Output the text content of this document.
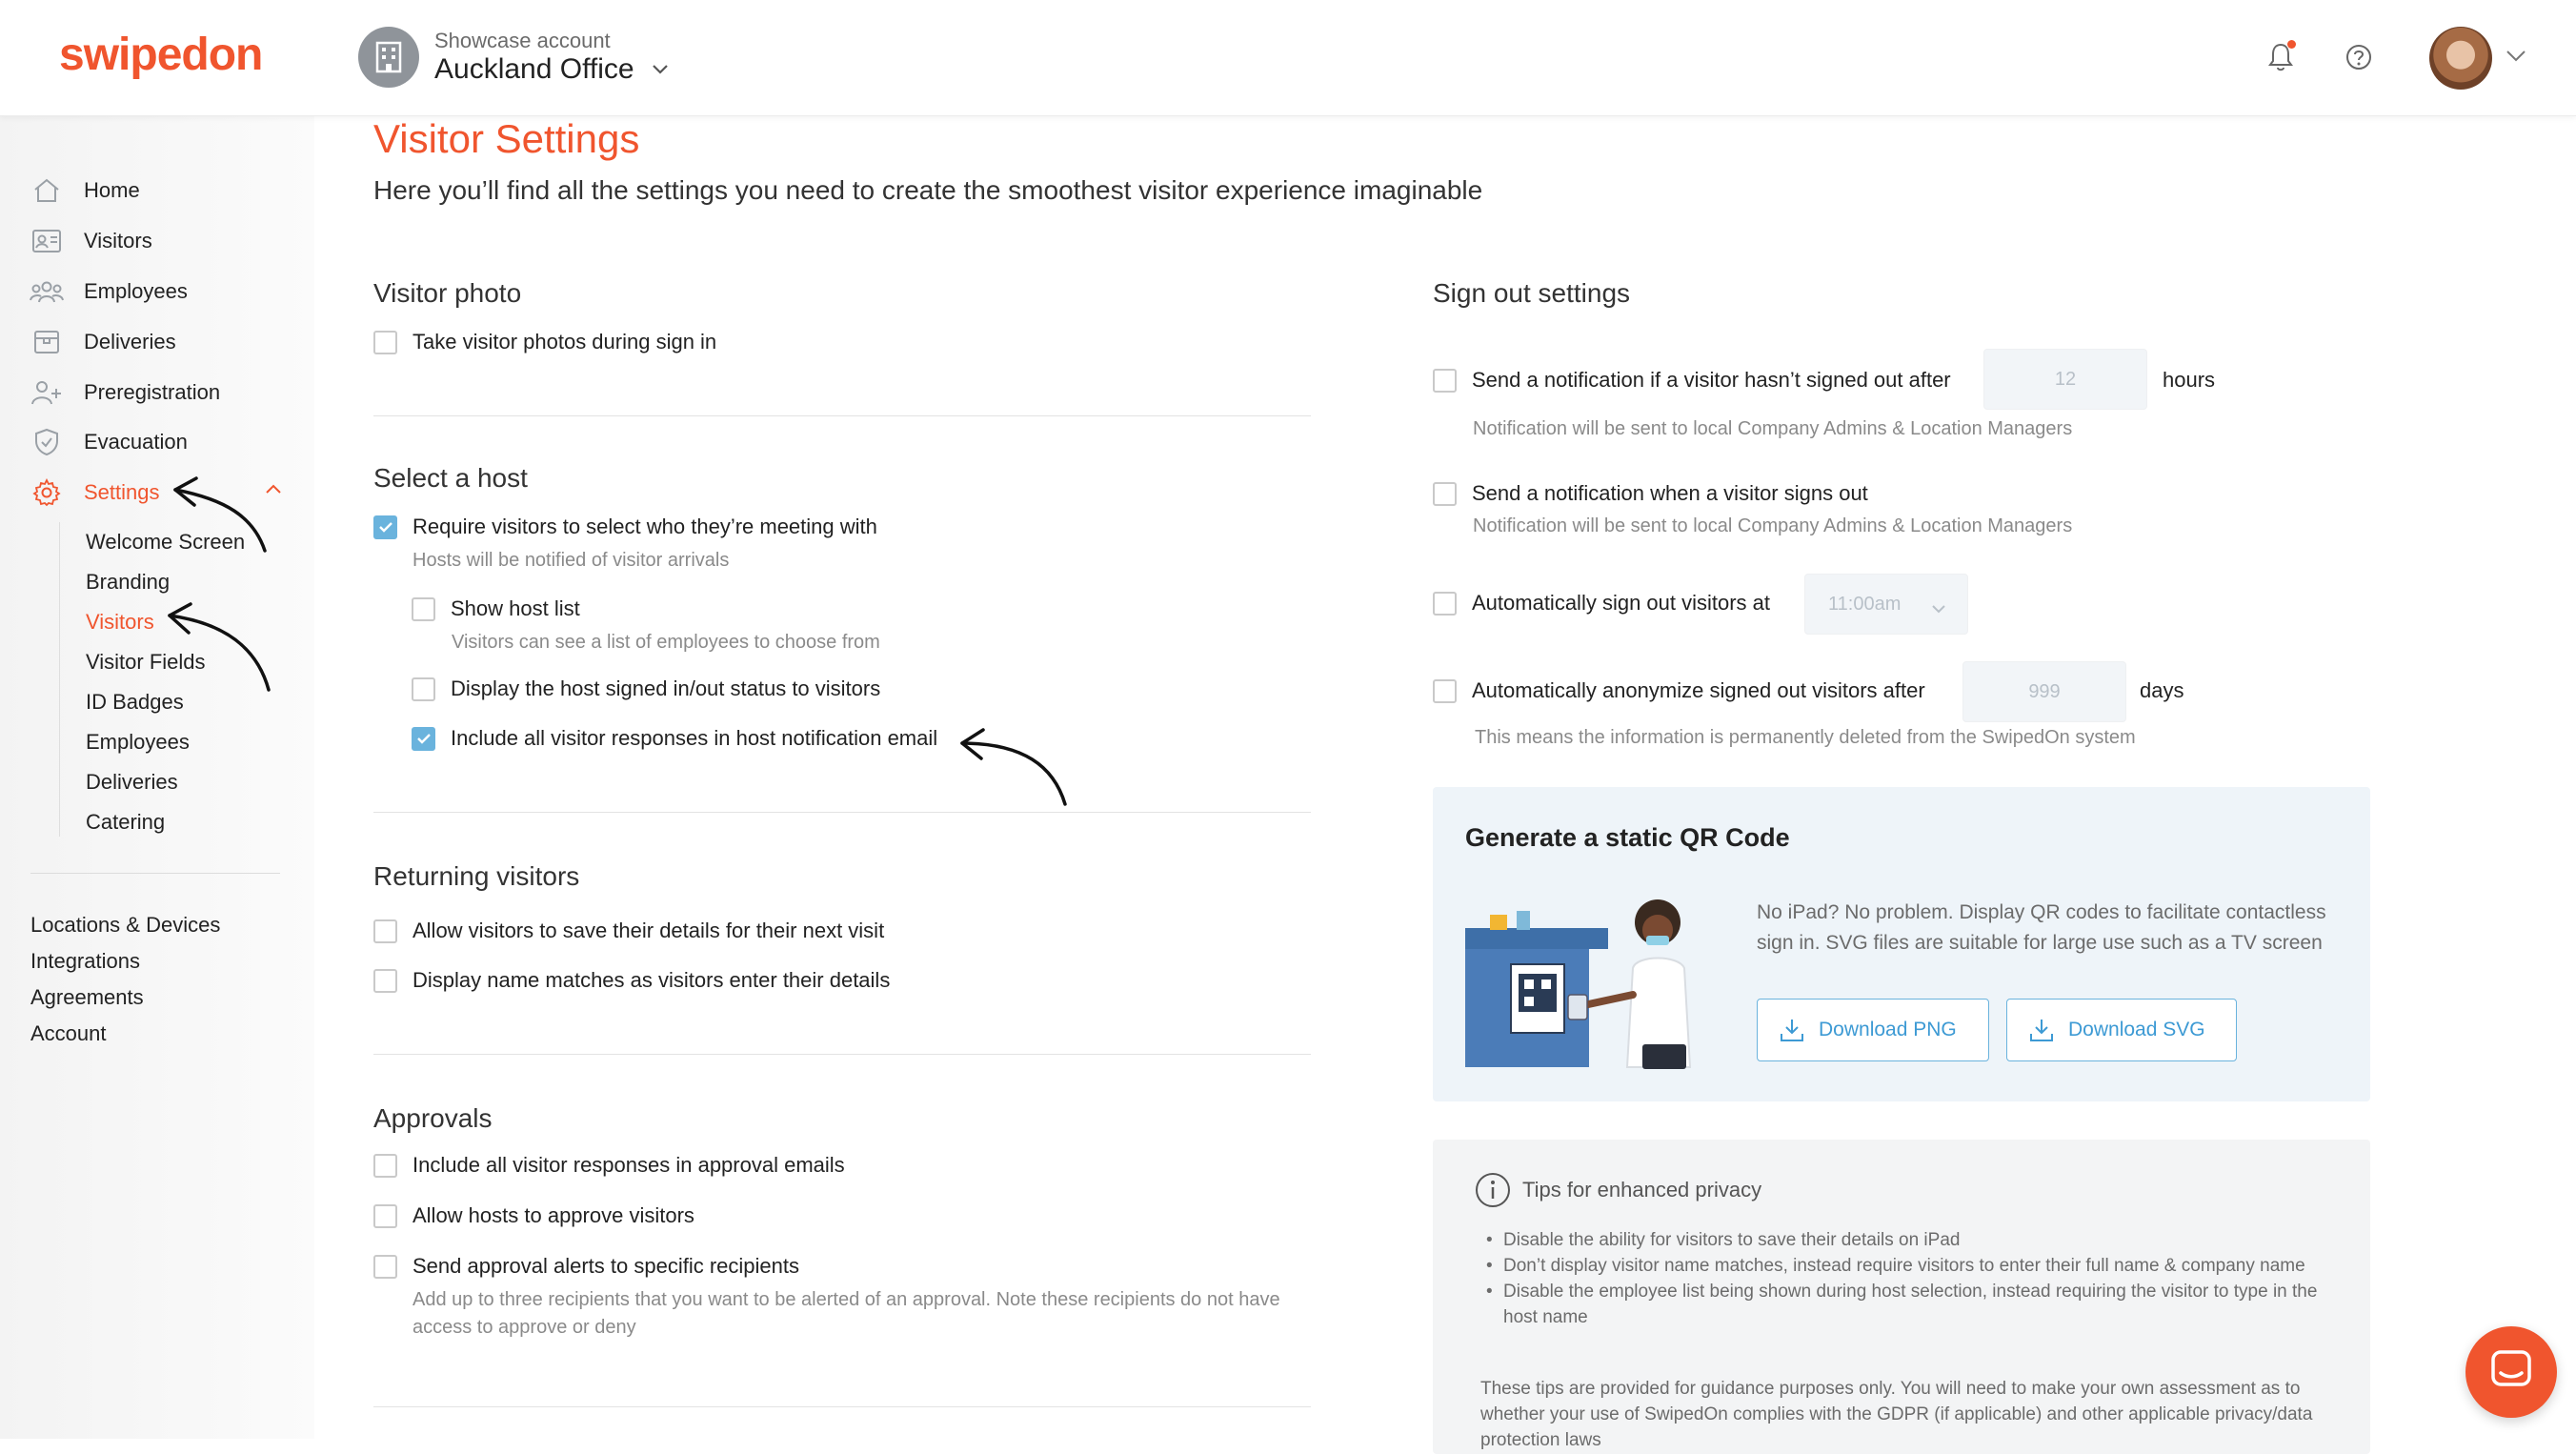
swipedon	Showcase account
Auckland Office
Home
Visitors
Employees
Deliveries
Preregistration
Evacuation
Settings
Welcome Screen
Branding
Visitors
Visitor Fields
ID Badges
Employees
Deliveries
Catering
Locations & Devices
Integrations
Agreements
Account
Visitor Settings
Here you’ll find all the settings you need to create the smoothest visitor experience imaginable
Visitor photo
Take visitor photos during sign in
Select a host
Require visitors to select who they’re meeting with
Hosts will be notified of visitor arrivals
Show host list
Visitors can see a list of employees to choose from
Display the host signed in/out status to visitors
Include all visitor responses in host notification email
Returning visitors
Allow visitors to save their details for their next visit
Display name matches as visitors enter their details
Approvals
Include all visitor responses in approval emails
Allow hosts to approve visitors
Send approval alerts to specific recipients
Add up to three recipients that you want to be alerted of an approval. Note these recipients do not have access to approve or deny
Sign out settings
Send a notification if a visitor hasn’t signed out after	12	hours
Notification will be sent to local Company Admins & Location Managers
Send a notification when a visitor signs out
Notification will be sent to local Company Admins & Location Managers
Automatically sign out visitors at	11:00am
Automatically anonymize signed out visitors after	999	days
This means the information is permanently deleted from the SwipedOn system
Generate a static QR Code
No iPad? No problem. Display QR codes to facilitate contactless sign in. SVG files are suitable for large use such as a TV screen
Download PNG	Download SVG
Tips for enhanced privacy
• Disable the ability for visitors to save their details on iPad
• Don’t display visitor name matches, instead require visitors to enter their full name & company name
• Disable the employee list being shown during host selection, instead requiring the visitor to type in the host name
These tips are provided for guidance purposes only. You will need to make your own assessment as to whether your use of SwipedOn complies with the GDPR (if applicable) and other applicable privacy/data protection laws
